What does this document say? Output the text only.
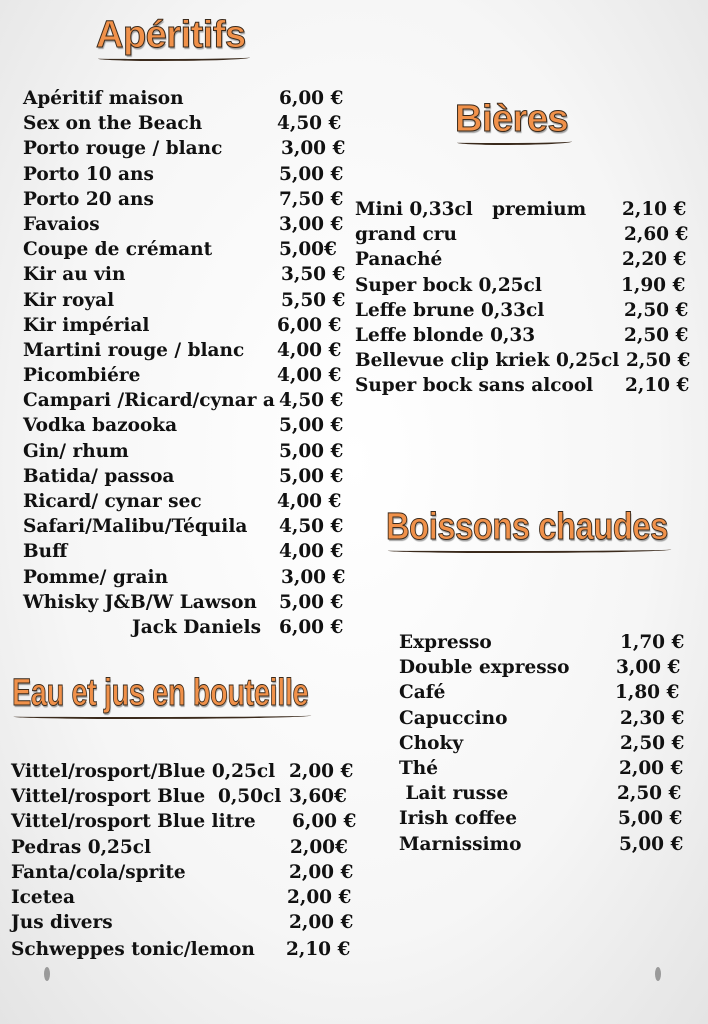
Apéritifs
Bières
Boissons chaudes
Eau et jus en bouteille
Apéritif maison	6,00 €
Sex on the Beach	4,50 €
Porto rouge / blanc	3,00 €
Porto 10 ans	5,00 €
Porto 20 ans	7,50 €
Favaios	3,00 €
Coupe de crémant	5,00€
Kir au vin	3,50 €
Kir royal	5,50 €
Kir impérial	6,00 €
Martini rouge / blanc 4,00 €
Picombiére	4,00 €
Campari /Ricard/cynar a 4,50 €
Vodka bazooka	5,00 €
Gin/ rhum	5,00 €
Batida/ passoa	5,00 €
Ricard/ cynar sec	4,00 €
Safari/Malibu/Téquila 4,50 €
Buff	4,00 €
Pomme/ grain	3,00 €
Whisky J&B/W Lawson 5,00 €
Jack Daniels 6,00 €
Mini 0,33cl   premium 2,10 €
grand cru	2,60 €
Panaché	2,20 €
Super bock 0,25cl	1,90 €
Leffe brune 0,33cl	2,50 €
Leffe blonde 0,33	2,50 €
Bellevue clip kriek 0,25cl 2,50 €
Super bock sans alcool 2,10 €
Expresso	1,70 €
Double expresso	3,00 €
Café	1,80 €
Capuccino	2,30 €
Choky	2,50 €
Thé	2,00 €
Lait russe	2,50 €
Irish coffee	5,00 €
Marnissimo	5,00 €
Vittel/rosport/Blue 0,25cl 2,00 €
Vittel/rosport Blue  0,50cl 3,60€
Vittel/rosport Blue litre 6,00 €
Pedras 0,25cl	2,00€
Fanta/cola/sprite	2,00 €
Icetea	2,00 €
Jus divers	2,00 €
Schweppes tonic/lemon 2,10 €
